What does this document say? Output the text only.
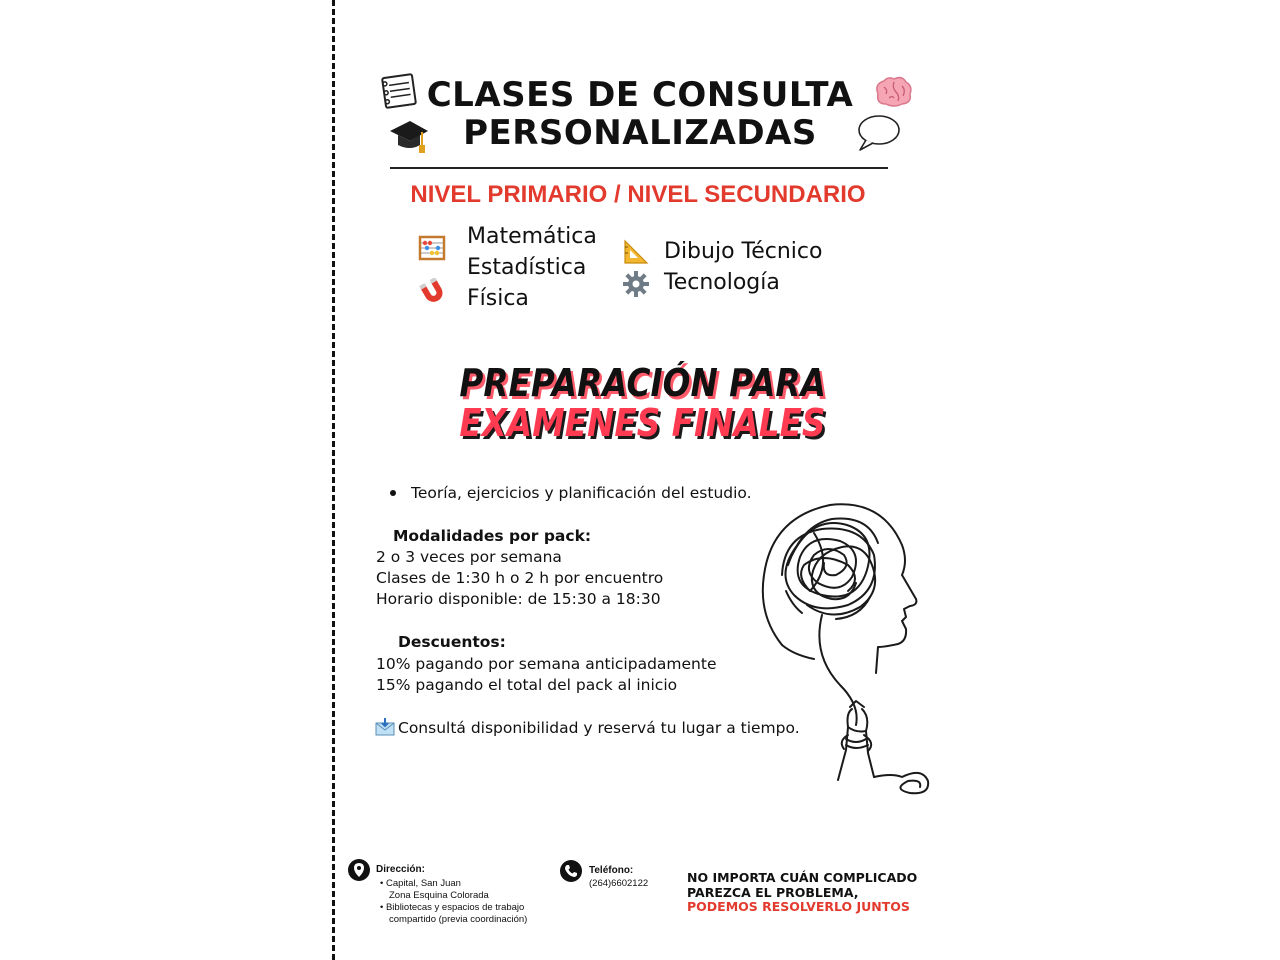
CLASES DE CONSULTA
PERSONALIZADAS
NIVEL PRIMARIO / NIVEL SECUNDARIO
Matemática
Estadística
Física
Dibujo Técnico
Tecnología
PREPARACIÓN PARA
EXAMENES FINALES
Teoría, ejercicios y planificación del estudio.
Modalidades por pack:
2 o 3 veces por semana
Clases de 1:30 h o 2 h por encuentro
Horario disponible: de 15:30 a 18:30
Descuentos:
10% pagando por semana anticipadamente
15% pagando el total del pack al inicio
Consultá disponibilidad y reservá tu lugar a tiempo.
Dirección:
• Capital, San Juan
Zona Esquina Colorada
• Bibliotecas y espacios de trabajo
compartido (previa coordinación)
Teléfono:
(264)6602122	NO IMPORTA CUÁN COMPLICADO
PAREZCA EL PROBLEMA,
PODEMOS RESOLVERLO JUNTOS
